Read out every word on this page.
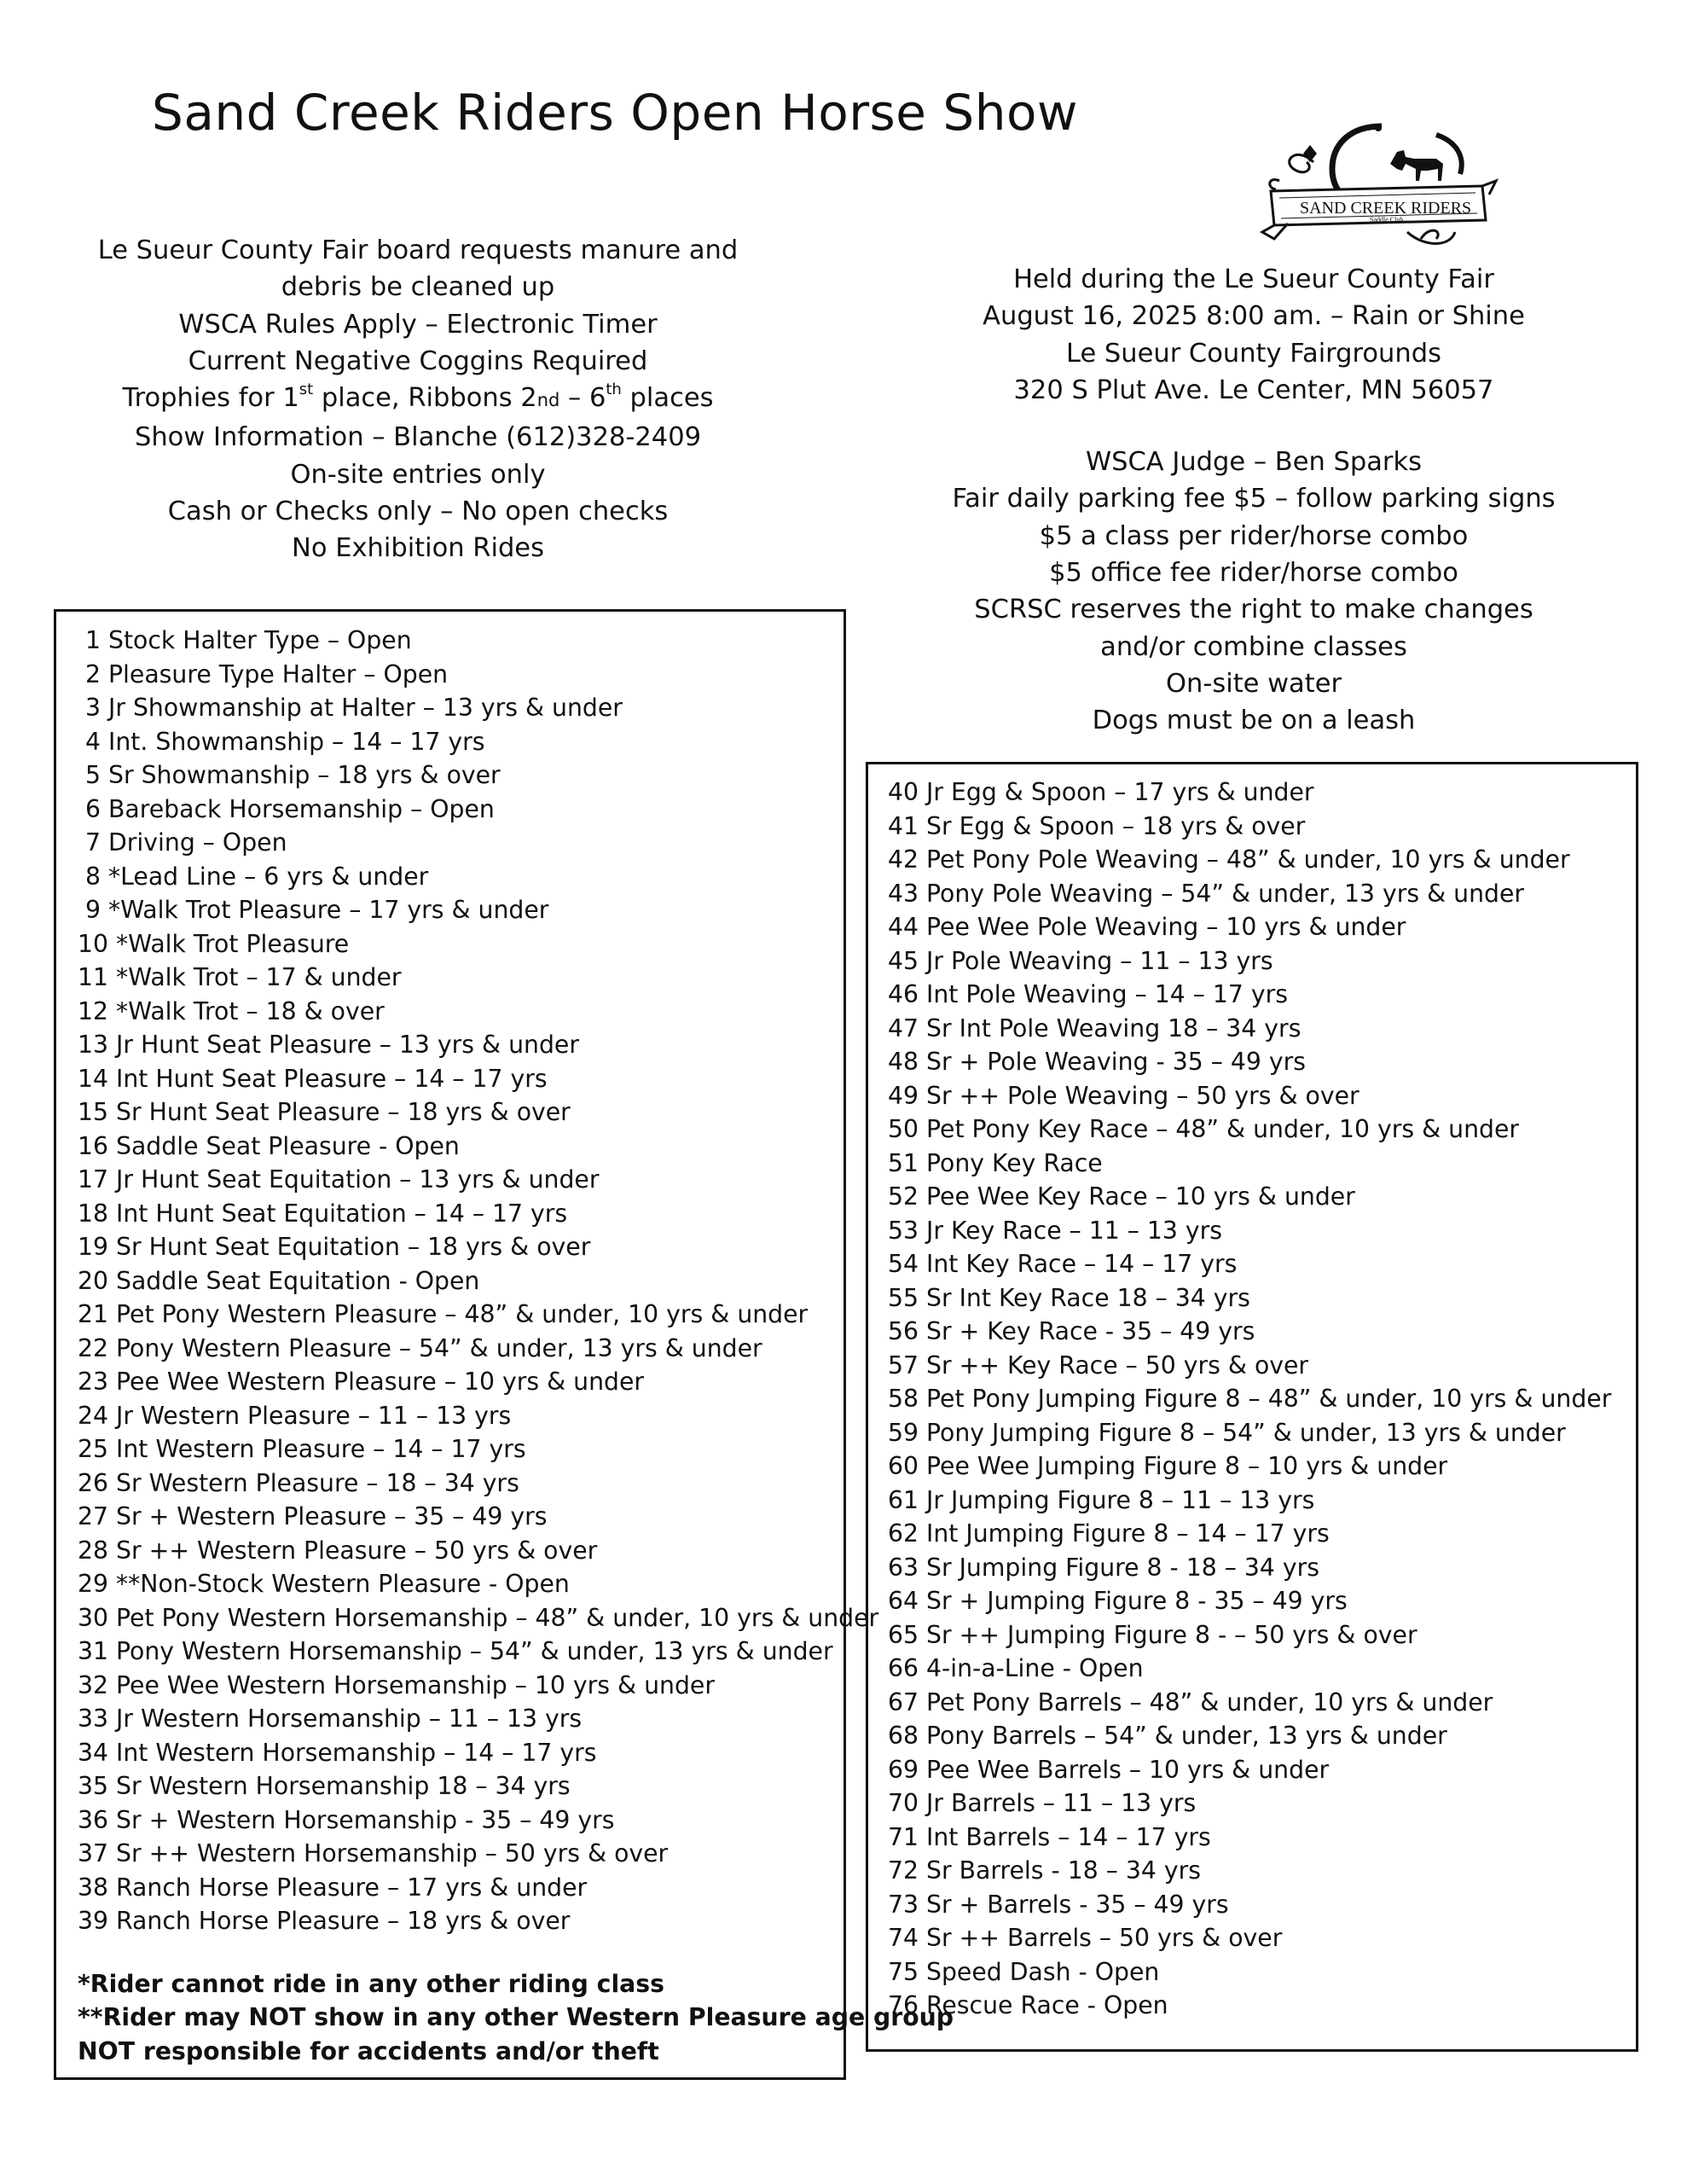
Sand Creek Riders Open Horse Show
SAND CREEK RIDERS
Saddle Club
Le Sueur County Fair board requests manure and
debris be cleaned up
WSCA Rules Apply – Electronic Timer
Current Negative Coggins Required
Trophies for 1st place, Ribbons 2nd – 6th places
Show Information – Blanche (612)328-2409
On-site entries only
Cash or Checks only – No open checks
No Exhibition Rides
Held during the Le Sueur County Fair
August 16, 2025 8:00 am. – Rain or Shine
Le Sueur County Fairgrounds
320 S Plut Ave. Le Center, MN 56057
WSCA Judge – Ben Sparks
Fair daily parking fee $5 – follow parking signs
$5 a class per rider/horse combo
$5 office fee rider/horse combo
SCRSC reserves the right to make changes
and/or combine classes
On-site water
Dogs must be on a leash
1 Stock Halter Type – Open
2 Pleasure Type Halter – Open
3 Jr Showmanship at Halter – 13 yrs & under
4 Int. Showmanship – 14 – 17 yrs
5 Sr Showmanship – 18 yrs & over
6 Bareback Horsemanship – Open
7 Driving – Open
8 *Lead Line – 6 yrs & under
9 *Walk Trot Pleasure – 17 yrs & under
10 *Walk Trot Pleasure
11 *Walk Trot – 17 & under
12 *Walk Trot – 18 & over
13 Jr Hunt Seat Pleasure – 13 yrs & under
14 Int Hunt Seat Pleasure – 14 – 17 yrs
15 Sr Hunt Seat Pleasure – 18 yrs & over
16 Saddle Seat Pleasure - Open
17 Jr Hunt Seat Equitation – 13 yrs & under
18 Int Hunt Seat Equitation – 14 – 17 yrs
19 Sr Hunt Seat Equitation – 18 yrs & over
20 Saddle Seat Equitation - Open
21 Pet Pony Western Pleasure – 48” & under, 10 yrs & under
22 Pony Western Pleasure – 54” & under, 13 yrs & under
23 Pee Wee Western Pleasure – 10 yrs & under
24 Jr Western Pleasure – 11 – 13 yrs
25 Int Western Pleasure – 14 – 17 yrs
26 Sr Western Pleasure – 18 – 34 yrs
27 Sr + Western Pleasure – 35 – 49 yrs
28 Sr ++ Western Pleasure – 50 yrs & over
29 **Non-Stock Western Pleasure - Open
30 Pet Pony Western Horsemanship – 48” & under, 10 yrs & under
31 Pony Western Horsemanship – 54” & under, 13 yrs & under
32 Pee Wee Western Horsemanship – 10 yrs & under
33 Jr Western Horsemanship – 11 – 13 yrs
34 Int Western Horsemanship – 14 – 17 yrs
35 Sr Western Horsemanship 18 – 34 yrs
36 Sr + Western Horsemanship - 35 – 49 yrs
37 Sr ++ Western Horsemanship – 50 yrs & over
38 Ranch Horse Pleasure – 17 yrs & under
39 Ranch Horse Pleasure – 18 yrs & over
*Rider cannot ride in any other riding class
**Rider may NOT show in any other Western Pleasure age group
NOT responsible for accidents and/or theft
40 Jr Egg & Spoon – 17 yrs & under
41 Sr Egg & Spoon – 18 yrs & over
42 Pet Pony Pole Weaving – 48” & under, 10 yrs & under
43 Pony Pole Weaving – 54” & under, 13 yrs & under
44 Pee Wee Pole Weaving – 10 yrs & under
45 Jr Pole Weaving – 11 – 13 yrs
46 Int Pole Weaving – 14 – 17 yrs
47 Sr Int Pole Weaving 18 – 34 yrs
48 Sr + Pole Weaving - 35 – 49 yrs
49 Sr ++ Pole Weaving – 50 yrs & over
50 Pet Pony Key Race – 48” & under, 10 yrs & under
51 Pony Key Race
52 Pee Wee Key Race – 10 yrs & under
53 Jr Key Race – 11 – 13 yrs
54 Int Key Race – 14 – 17 yrs
55 Sr Int Key Race 18 – 34 yrs
56 Sr + Key Race - 35 – 49 yrs
57 Sr ++ Key Race – 50 yrs & over
58 Pet Pony Jumping Figure 8 – 48” & under, 10 yrs & under
59 Pony Jumping Figure 8 – 54” & under, 13 yrs & under
60 Pee Wee Jumping Figure 8 – 10 yrs & under
61 Jr Jumping Figure 8 – 11 – 13 yrs
62 Int Jumping Figure 8 – 14 – 17 yrs
63 Sr Jumping Figure 8 - 18 – 34 yrs
64 Sr + Jumping Figure 8 - 35 – 49 yrs
65 Sr ++ Jumping Figure 8 - – 50 yrs & over
66 4-in-a-Line - Open
67 Pet Pony Barrels – 48” & under, 10 yrs & under
68 Pony Barrels – 54” & under, 13 yrs & under
69 Pee Wee Barrels – 10 yrs & under
70 Jr Barrels – 11 – 13 yrs
71 Int Barrels – 14 – 17 yrs
72 Sr Barrels - 18 – 34 yrs
73 Sr + Barrels - 35 – 49 yrs
74 Sr ++ Barrels – 50 yrs & over
75 Speed Dash - Open
76 Rescue Race - Open
